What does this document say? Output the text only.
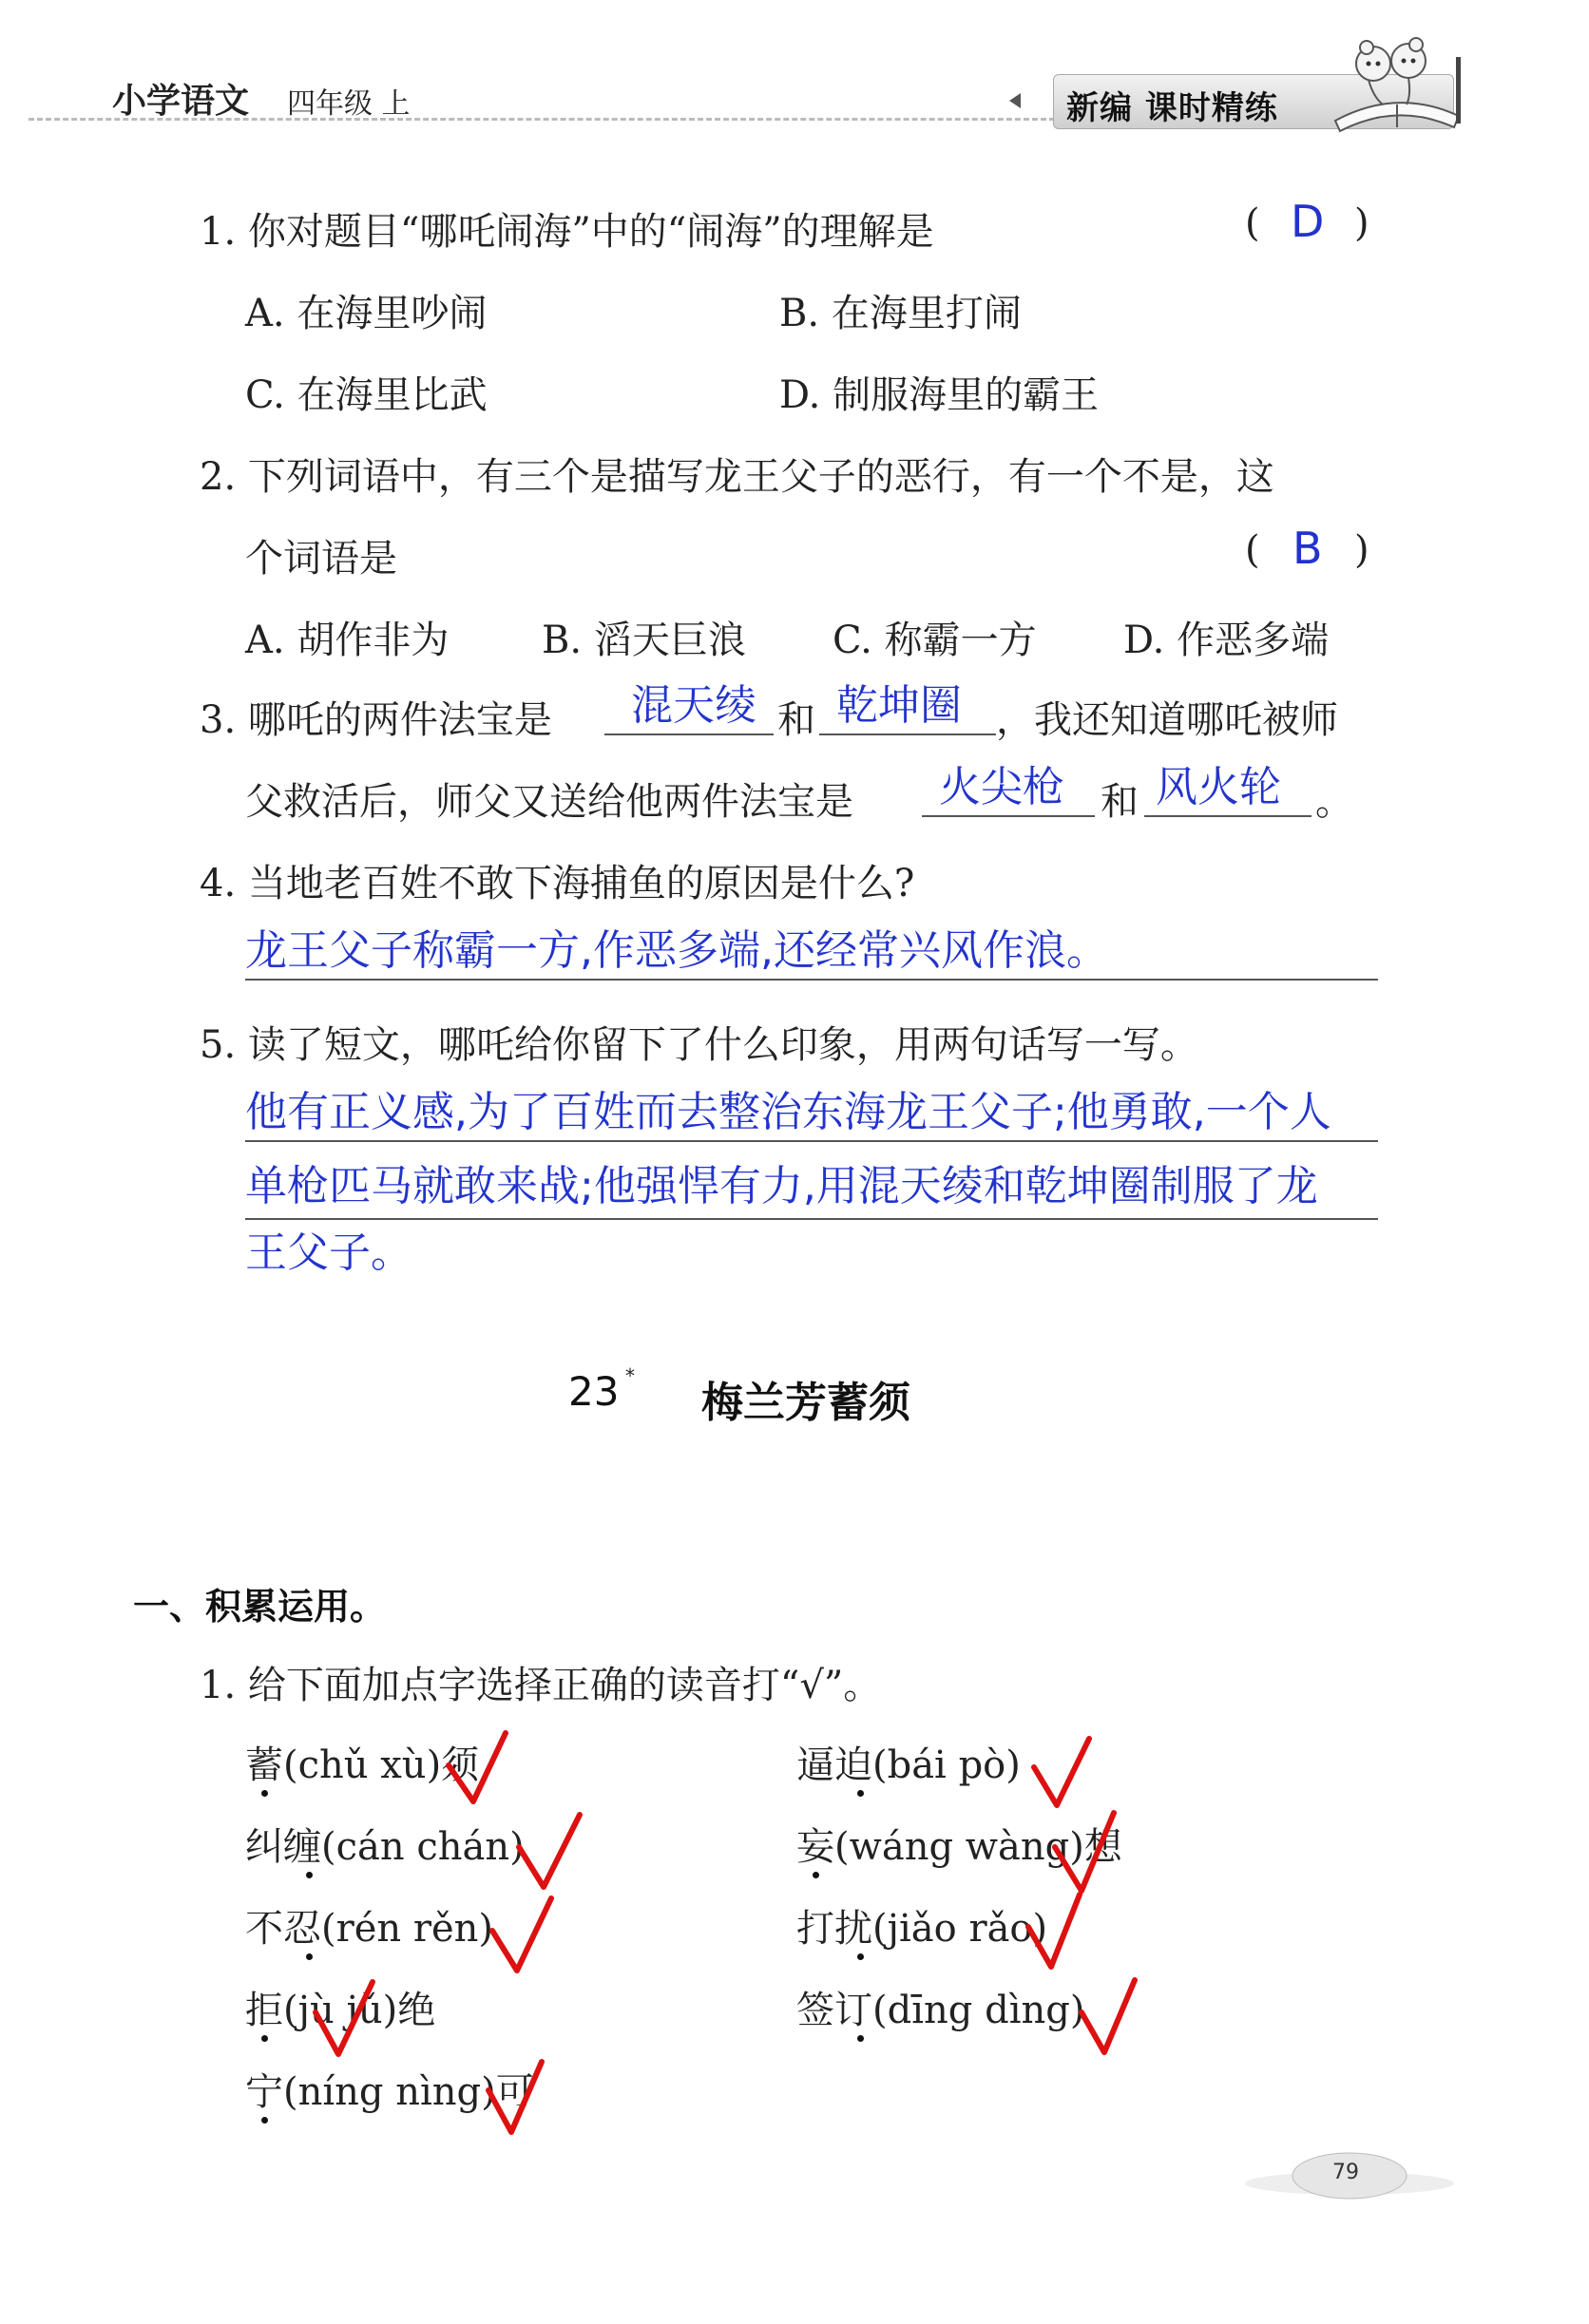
小学语文 四年级 上	新编 课时精练
1. 你对题目“哪吒闹海”中的“闹海”的理解是	( D )
A. 在海里吵闹	B. 在海里打闹
C. 在海里比武	D. 制服海里的霸王
2. 下列词语中，有三个是描写龙王父子的恶行，有一个不是，这
个词语是	( B )
A. 胡作非为 B. 滔天巨浪 C. 称霸一方 D. 作恶多端
3. 哪吒的两件法宝是 混天绫 和 乾坤圈 ，我还知道哪吒被师
父救活后，师父又送给他两件法宝是 火尖枪 和 风火轮 。
4. 当地老百姓不敢下海捕鱼的原因是什么?
龙王父子称霸一方,作恶多端,还经常兴风作浪。
5. 读了短文，哪吒给你留下了什么印象，用两句话写一写。
他有正义感,为了百姓而去整治东海龙王父子;他勇敢,一个人
单枪匹马就敢来战;他强悍有力,用混天绫和乾坤圈制服了龙
王父子。
23 *
梅兰芳蓄须
一、积累运用。
1. 给下面加点字选择正确的读音打“√”。
蓄(chǔ xù)须
纠缠(cán chán)
不忍(rén rěn)
拒(jù jǔ)绝
宁(níng nìng)可
逼迫(bái pò)
妄(wáng wàng)想
打扰(jiǎo rǎo)
签订(dīng dìng)
79
